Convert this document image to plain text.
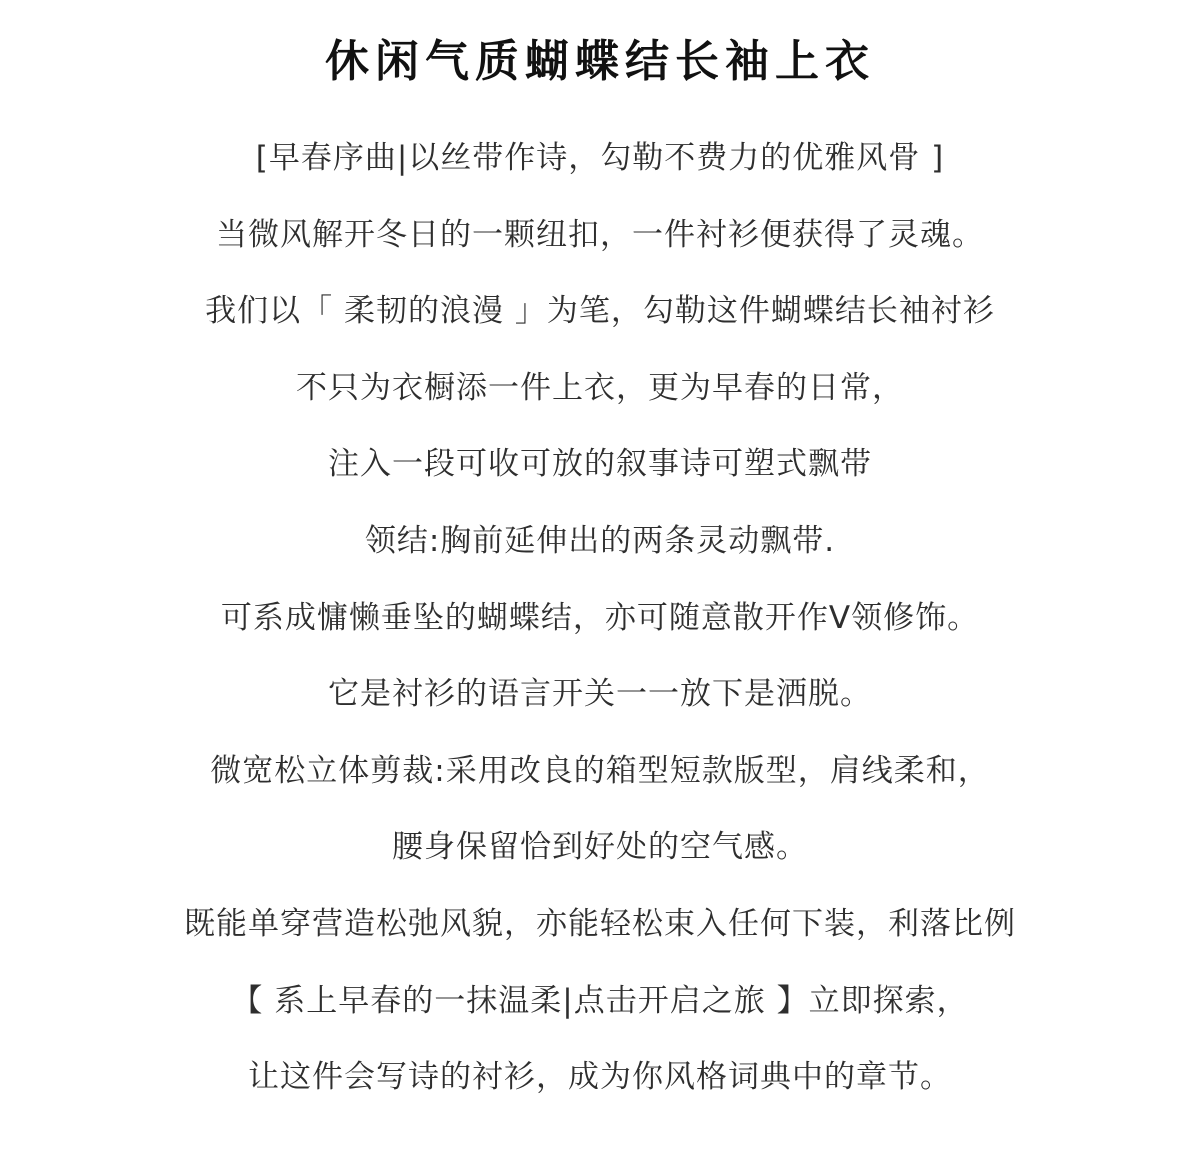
休闲气质蝴蝶结长袖上衣
[早春序曲|以丝带作诗，勾勒不费力的优雅风骨 ]
当微风解开冬日的一颗纽扣，一件衬衫便获得了灵魂。
我们以「 柔韧的浪漫 」为笔，勾勒这件蝴蝶结长袖衬衫
不只为衣橱添一件上衣，更为早春的日常，
注入一段可收可放的叙事诗可塑式飘带
领结:胸前延伸出的两条灵动飘带.
可系成慵懒垂坠的蝴蝶结，亦可随意散开作V领修饰。
它是衬衫的语言开关一一放下是洒脱。
微宽松立体剪裁:采用改良的箱型短款版型，肩线柔和，
腰身保留恰到好处的空气感。
既能单穿营造松弛风貌，亦能轻松束入任何下装，利落比例
【 系上早春的一抹温柔|点击开启之旅 】立即探索，
让这件会写诗的衬衫，成为你风格词典中的章节。
